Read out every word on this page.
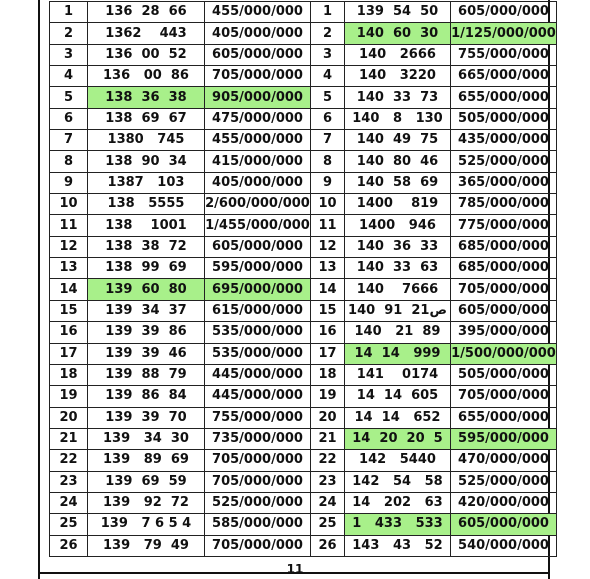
1	136  28  66	455/000/000	1	139  54  50	605/000/000
2	1362    443	405/000/000	2	140  60  30	1/125/000/000
3	136  00  52	605/000/000	3	140   2666	755/000/000
4	136   00  86	705/000/000	4	140   3220	665/000/000
5	138  36  38	905/000/000	5	140  33  73	655/000/000
6	138  69  67	475/000/000	6	140   8   130	505/000/000
7	1380   745	455/000/000	7	140  49  75	435/000/000
8	138  90  34	415/000/000	8	140  80  46	525/000/000
9	1387   103	405/000/000	9	140  58  69	365/000/000
10	138   5555	2/600/000/000	10	1400    819	785/000/000
11	138    1001	1/455/000/000	11	1400   946	775/000/000
12	138  38  72	605/000/000	12	140  36  33	685/000/000
13	138  99  69	595/000/000	13	140  33  63	685/000/000
14	139  60  80	695/000/000	14	140    7666	705/000/000
15	139  34  37	615/000/000	15	140  91  21ص	605/000/000
16	139  39  86	535/000/000	16	140   21  89	395/000/000
17	139  39  46	535/000/000	17	14  14   999	1/500/000/000
18	139  88  79	445/000/000	18	141    0174	505/000/000
19	139  86  84	445/000/000	19	14  14  605	705/000/000
20	139  39  70	755/000/000	20	14  14   652	655/000/000
21	139   34  30	735/000/000	21	14  20  20  5	595/000/000
22	139   89  69	705/000/000	22	142   5440	470/000/000
23	139  69  59	705/000/000	23	142   54   58	525/000/000
24	139   92  72	525/000/000	24	14   202   63	420/000/000
25	139   7 6 5 4	585/000/000	25	1   433   533	605/000/000
26	139   79  49	705/000/000	26	143   43   52	540/000/000
11
